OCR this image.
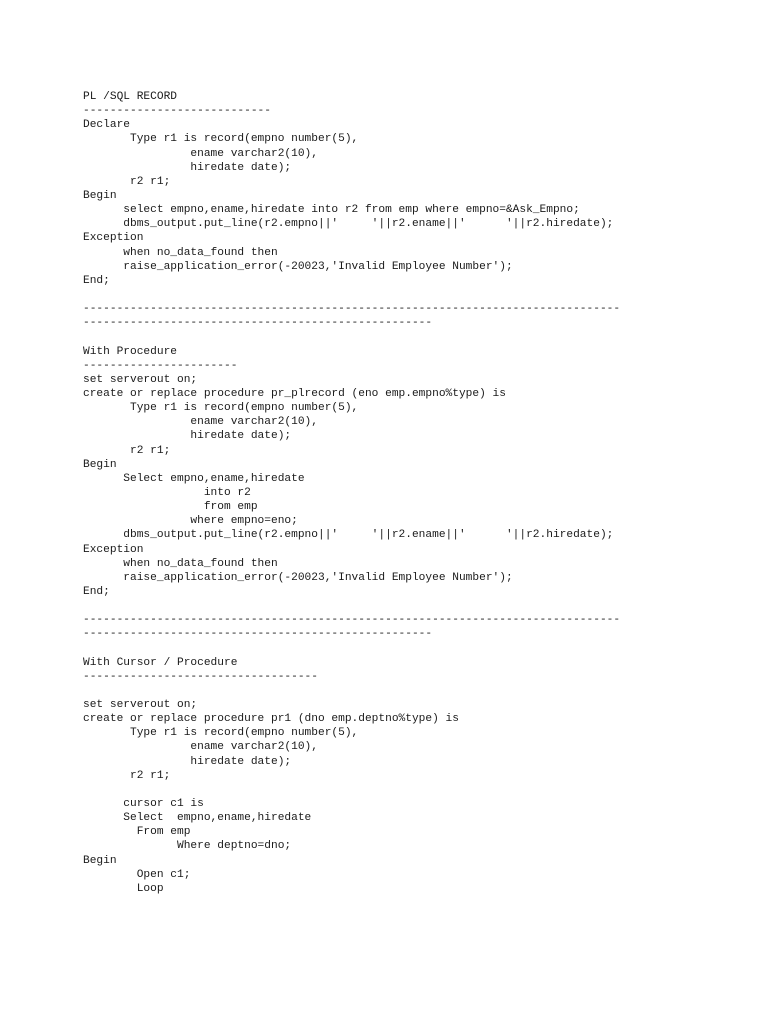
PL /SQL RECORD
----------------------------
Declare
Type r1 is record(empno number(5),
ename varchar2(10),
hiredate date);
r2 r1;
Begin
select empno,ename,hiredate into r2 from emp where empno=&Ask_Empno;
dbms_output.put_line(r2.empno||'     '||r2.ename||'      '||r2.hiredate);
Exception
when no_data_found then
raise_application_error(-20023,'Invalid Employee Number');
End;
--------------------------------------------------------------------------------
----------------------------------------------------
With Procedure
-----------------------
set serverout on;
create or replace procedure pr_plrecord (eno emp.empno%type) is
Type r1 is record(empno number(5),
ename varchar2(10),
hiredate date);
r2 r1;
Begin
Select empno,ename,hiredate
into r2
from emp
where empno=eno;
dbms_output.put_line(r2.empno||'     '||r2.ename||'      '||r2.hiredate);
Exception
when no_data_found then
raise_application_error(-20023,'Invalid Employee Number');
End;
--------------------------------------------------------------------------------
----------------------------------------------------
With Cursor / Procedure
-----------------------------------
set serverout on;
create or replace procedure pr1 (dno emp.deptno%type) is
Type r1 is record(empno number(5),
ename varchar2(10),
hiredate date);
r2 r1;
cursor c1 is
Select  empno,ename,hiredate
From emp
Where deptno=dno;
Begin
Open c1;
Loop
